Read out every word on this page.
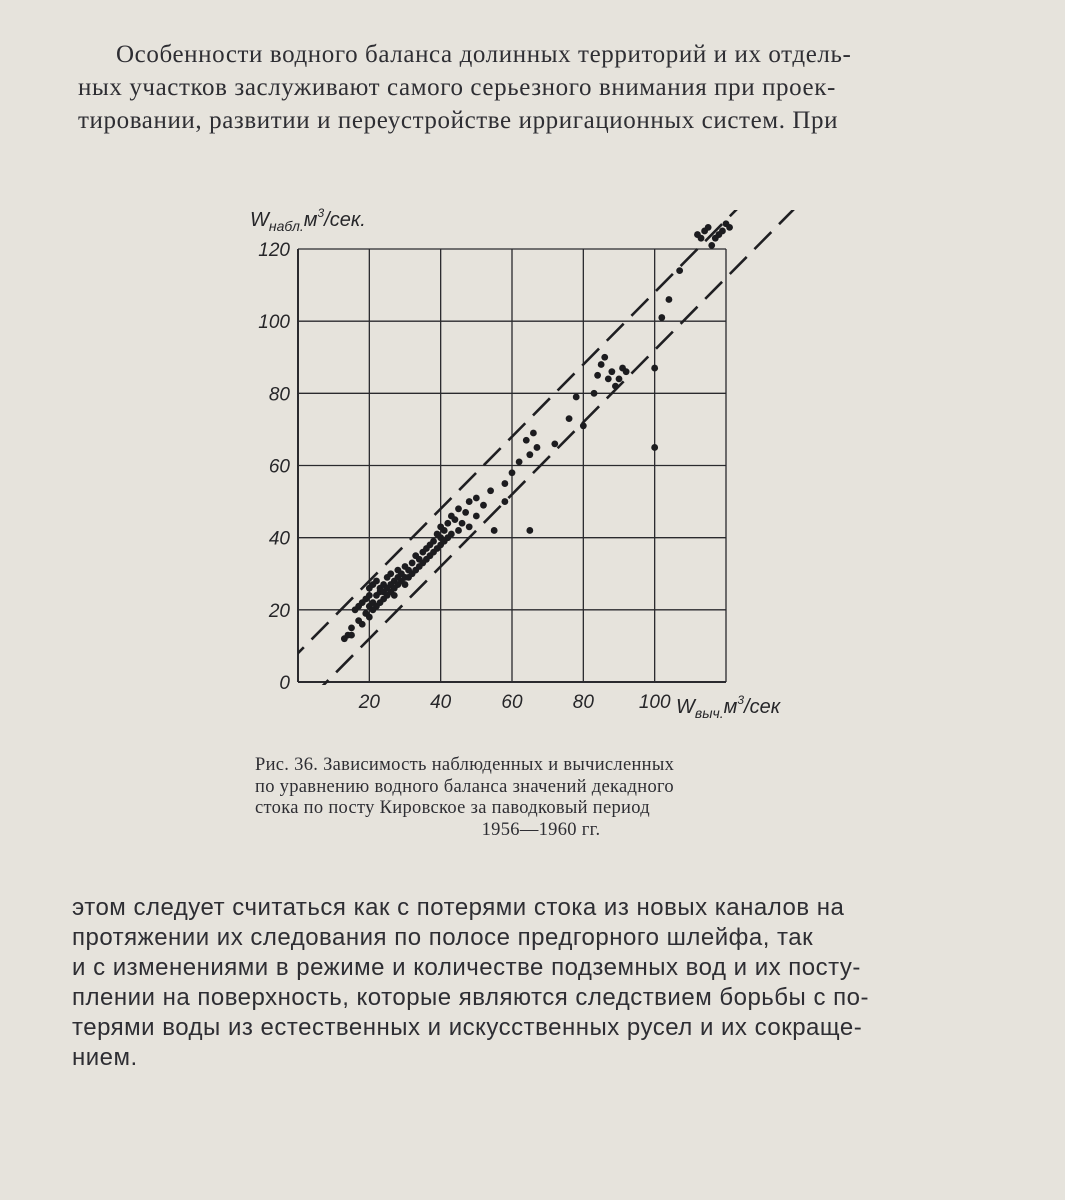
Особенности водного баланса долинных территорий и их отдель-
ных участков заслуживают самого серьезного внимания при проек-
тировании, развитии и переустройстве ирригационных систем. При

0
20
40
60
80
100
120
20	40	60	80 100
$W_{набл.}м^3$/сек.
$W_{выч.}м^3$/сек
Рис. 36. Зависимость наблюденных и вычисленных
по уравнению водного баланса значений декадного
стока по посту Кировское за паводковый период
1956—1960 гг.

этом следует считаться как с потерями стока из новых каналов на
протяжении их следования по полосе предгорного шлейфа, так
и с изменениями в режиме и количестве подземных вод и их посту-
плении на поверхность, которые являются следствием борьбы с по-
терями воды из естественных и искусственных русел и их сокраще-
нием.
